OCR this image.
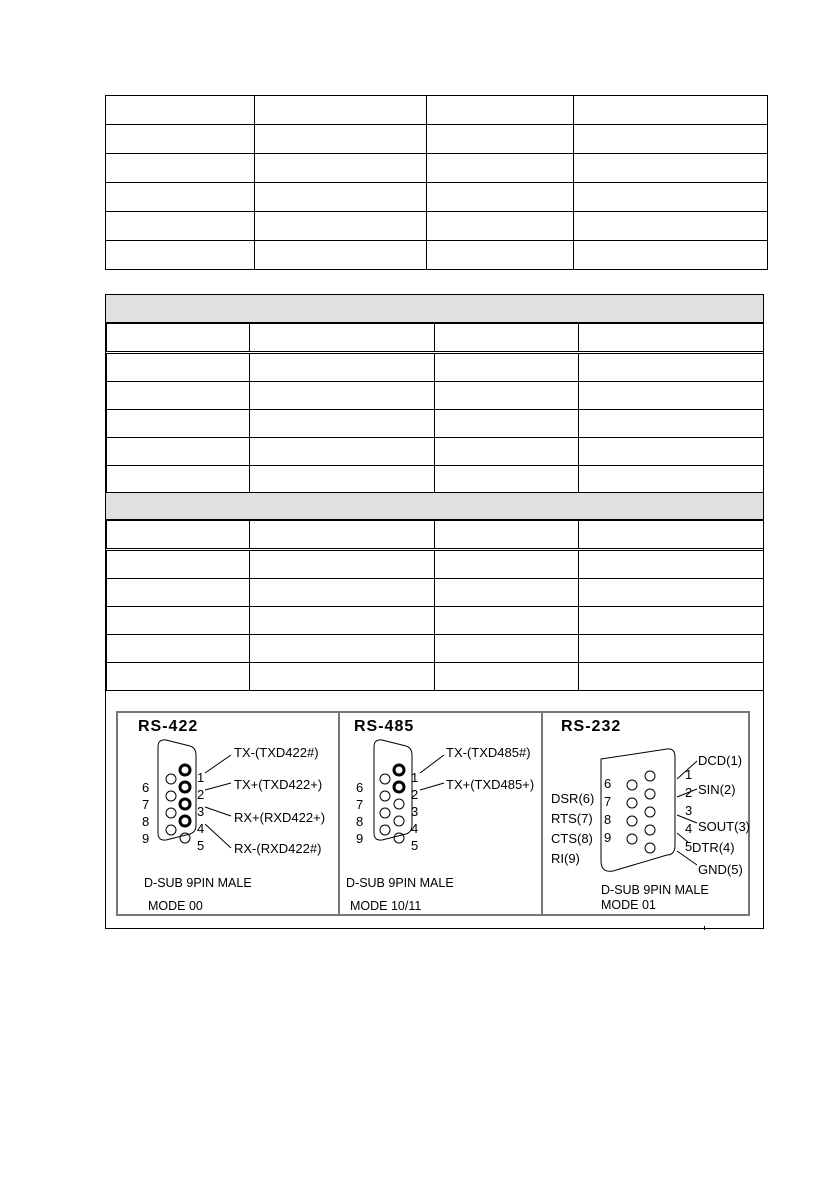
RS-422
6
7
8
9
1
2
3
4
5
TX-(TXD422#)
TX+(TXD422+)
RX+(RXD422+)
RX-(RXD422#)
D-SUB 9PIN MALE
MODE 00
RS-485
6
7
8
9
1
2
3
4
5
TX-(TXD485#)
TX+(TXD485+)
D-SUB 9PIN MALE
MODE 10/11
RS-232
6
7
8
9
1
2
3
4
5
DSR(6)
RTS(7)
CTS(8)
RI(9)
DCD(1)
SIN(2)
SOUT(3)
DTR(4)
GND(5)
D-SUB 9PIN MALE
MODE 01
